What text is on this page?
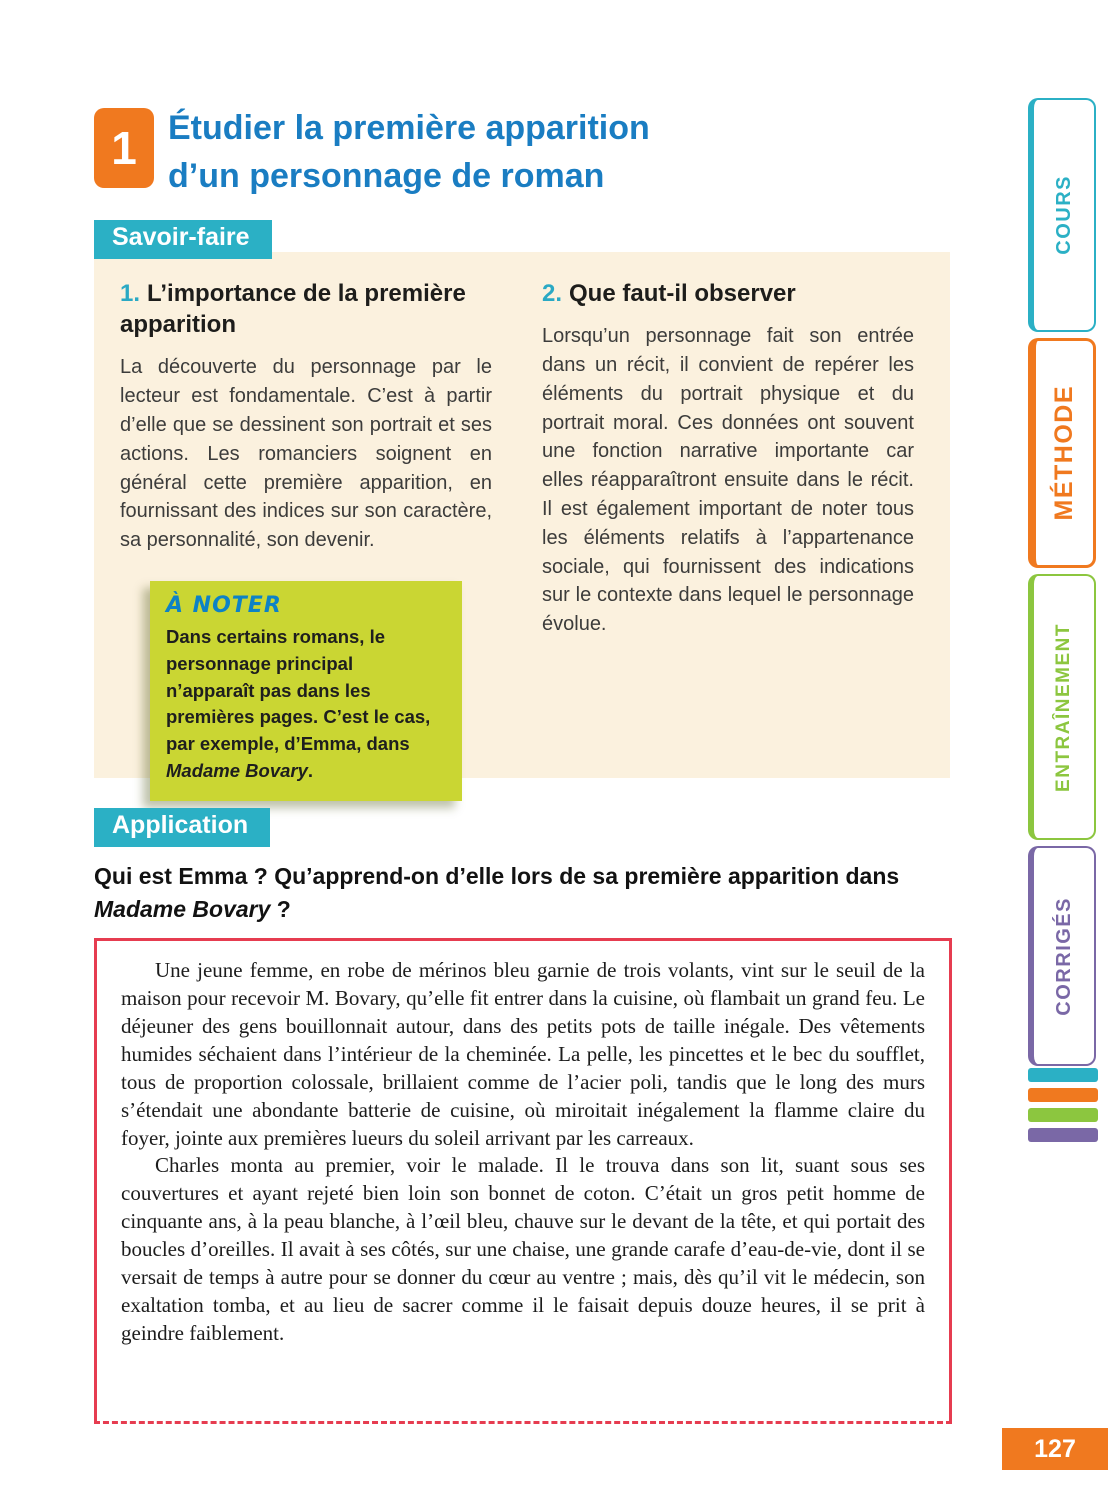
1 Étudier la première apparition
d’un personnage de roman
Savoir-faire
1. L’importance de la première apparition
La découverte du personnage par le lecteur est fondamentale. C’est à partir d’elle que se dessinent son portrait et ses actions. Les romanciers soignent en général cette première apparition, en fournissant des indices sur son caractère, sa personnalité, son devenir.
À NOTER
Dans certains romans, le personnage principal n’apparaît pas dans les premières pages. C’est le cas, par exemple, d’Emma, dans Madame Bovary.
2. Que faut-il observer
Lorsqu’un personnage fait son entrée dans un récit, il convient de repérer les éléments du portrait physique et du portrait moral. Ces données ont souvent une fonction narrative importante car elles réapparaîtront ensuite dans le récit. Il est également important de noter tous les éléments relatifs à l’appartenance sociale, qui fournissent des indications sur le contexte dans lequel le personnage évolue.
Application
Qui est Emma ? Qu’apprend-on d’elle lors de sa première apparition dans Madame Bovary ?

Une jeune femme, en robe de mérinos bleu garnie de trois volants, vint sur le seuil de la maison pour recevoir M. Bovary, qu’elle fit entrer dans la cuisine, où flambait un grand feu. Le déjeuner des gens bouillonnait autour, dans des petits pots de taille inégale. Des vêtements humides séchaient dans l’intérieur de la cheminée. La pelle, les pincettes et le bec du soufflet, tous de proportion colossale, brillaient comme de l’acier poli, tandis que le long des murs s’étendait une abondante batterie de cuisine, où miroitait inégalement la flamme claire du foyer, jointe aux premières lueurs du soleil arrivant par les carreaux.

Charles monta au premier, voir le malade. Il le trouva dans son lit, suant sous ses couvertures et ayant rejeté bien loin son bonnet de coton. C’était un gros petit homme de cinquante ans, à la peau blanche, à l’œil bleu, chauve sur le devant de la tête, et qui portait des boucles d’oreilles. Il avait à ses côtés, sur une chaise, une grande carafe d’eau-de-vie, dont il se versait de temps à autre pour se donner du cœur au ventre ; mais, dès qu’il vit le médecin, son exaltation tomba, et au lieu de sacrer comme il le faisait depuis douze heures, il se prit à geindre faiblement.

COURS
MÉTHODE
ENTRAÎNEMENT
CORRIGÉS
127
